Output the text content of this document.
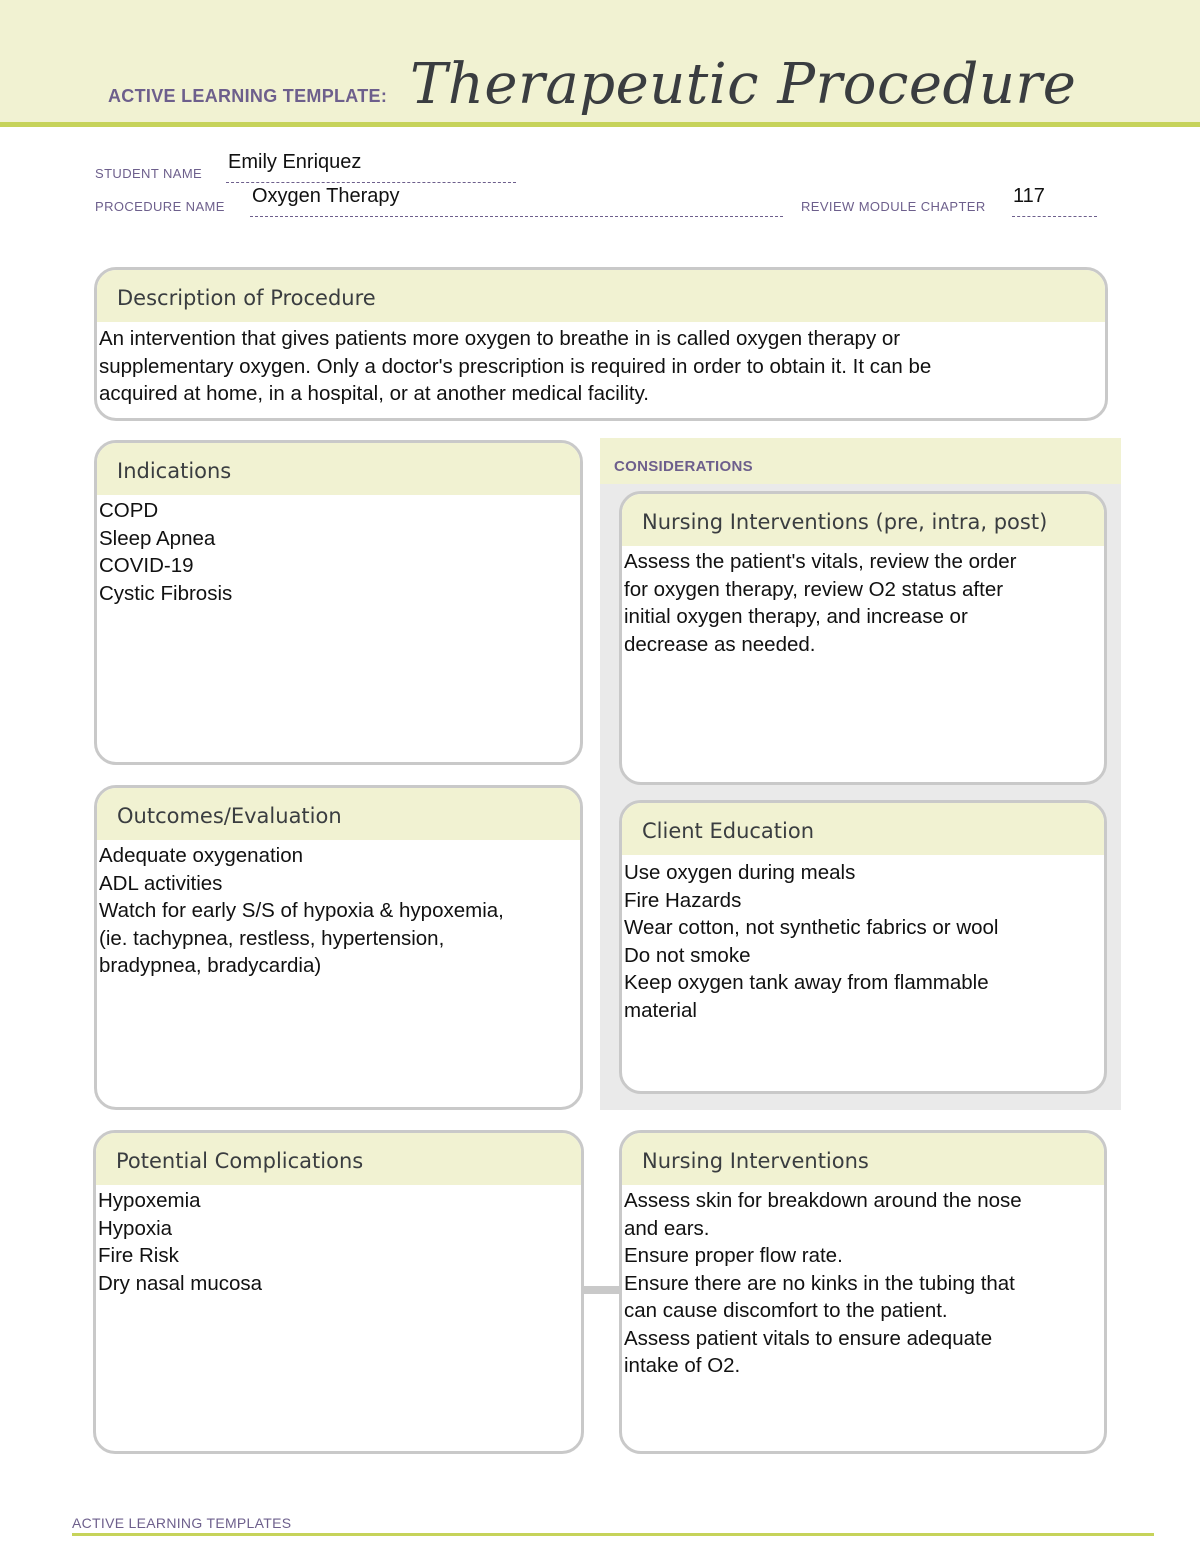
ACTIVE LEARNING TEMPLATE: Therapeutic Procedure
STUDENT NAME
Emily Enriquez
PROCEDURE NAME Oxygen Therapy	REVIEW MODULE CHAPTER 117
Description of Procedure
An intervention that gives patients more oxygen to breathe in is called oxygen therapy or
supplementary oxygen. Only a doctor's prescription is required in order to obtain it. It can be
acquired at home, in a hospital, or at another medical facility.
Indications
COPD
Sleep Apnea
COVID-19
Cystic Fibrosis
Outcomes/Evaluation
Adequate oxygenation
ADL activities
Watch for early S/S of hypoxia & hypoxemia,
(ie. tachypnea, restless, hypertension,
bradypnea, bradycardia)
CONSIDERATIONS
Nursing Interventions (pre, intra, post)
Assess the patient's vitals, review the order
for oxygen therapy, review O2 status after
initial oxygen therapy, and increase or
decrease as needed.
Client Education
Use oxygen during meals
Fire Hazards
Wear cotton, not synthetic fabrics or wool
Do not smoke
Keep oxygen tank away from flammable
material
Potential Complications
Hypoxemia
Hypoxia
Fire Risk
Dry nasal mucosa
Nursing Interventions
Assess skin for breakdown around the nose
and ears.
Ensure proper flow rate.
Ensure there are no kinks in the tubing that
can cause discomfort to the patient.
Assess patient vitals to ensure adequate
intake of O2.
ACTIVE LEARNING TEMPLATES
